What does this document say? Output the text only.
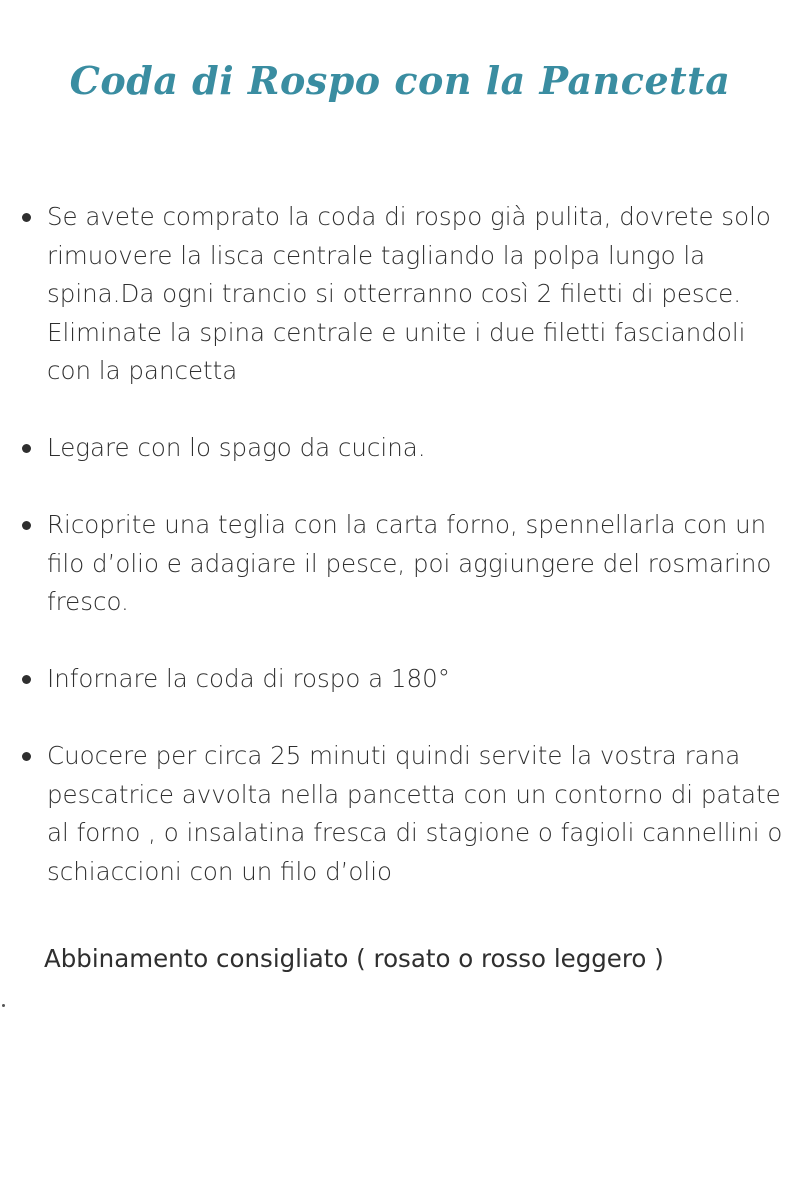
Coda di Rospo con la Pancetta
Se avete comprato la coda di rospo già pulita, dovrete solo rimuovere la lisca centrale tagliando la polpa lungo la spina.Da ogni trancio si otterranno così 2 filetti di pesce. Eliminate la spina centrale e unite i due filetti fasciandoli con la pancetta
Legare con lo spago da cucina.
Ricoprite una teglia con la carta forno, spennellarla con un filo d’olio e adagiare il pesce, poi aggiungere del rosmarino fresco.
Infornare la coda di rospo a 180°
Cuocere per circa 25 minuti quindi servite la vostra rana pescatrice avvolta nella pancetta con un contorno di patate al forno , o insalatina fresca di stagione o fagioli cannellini o schiaccioni con un filo d’olio

Abbinamento consigliato ( rosato o rosso leggero )
